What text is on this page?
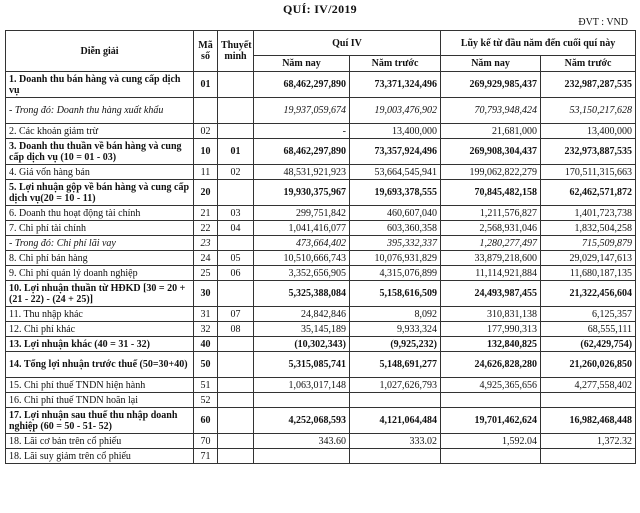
QUÍ: IV/2019
ĐVT : VND
Diễn giải	Mã số	Thuyết minh	Quí IV		Lũy kế từ đầu năm đến cuối quí này	
			Năm nay	Năm trước	Năm nay	Năm trước
1. Doanh thu bán hàng và cung cấp dịch vụ	01		68,462,297,890	73,371,324,496	269,929,985,437	232,987,287,535
- Trong đó: Doanh thu hàng xuất khẩu			19,937,059,674	19,003,476,902	70,793,948,424	53,150,217,628
2. Các khoản giảm trừ	02		-	13,400,000	21,681,000	13,400,000
3. Doanh thu thuần về bán hàng và cung cấp dịch vụ (10 = 01 - 03)	10	01	68,462,297,890	73,357,924,496	269,908,304,437	232,973,887,535
4. Giá vốn hàng bán	11	02	48,531,921,923	53,664,545,941	199,062,822,279	170,511,315,663
5. Lợi nhuận gộp về bán hàng và cung cấp dịch vụ(20 = 10 - 11)	20		19,930,375,967	19,693,378,555	70,845,482,158	62,462,571,872
6. Doanh thu hoạt động tài chính	21	03	299,751,842	460,607,040	1,211,576,827	1,401,723,738
7. Chi phí tài chính	22	04	1,041,416,077	603,360,358	2,568,931,046	1,832,504,258
- Trong đó: Chi phí lãi vay	23		473,664,402	395,332,337	1,280,277,497	715,509,879
8. Chi phí bán hàng	24	05	10,510,666,743	10,076,931,829	33,879,218,600	29,029,147,613
9. Chi phí quản lý doanh nghiệp	25	06	3,352,656,905	4,315,076,899	11,114,921,884	11,680,187,135
10. Lợi nhuận thuần từ HĐKD [30 = 20 + (21 - 22) - (24 + 25)]	30		5,325,388,084	5,158,616,509	24,493,987,455	21,322,456,604
11. Thu nhập khác	31	07	24,842,846	8,092	310,831,138	6,125,357
12. Chi phí khác	32	08	35,145,189	9,933,324	177,990,313	68,555,111
13. Lợi nhuận khác (40 = 31 - 32)	40		(10,302,343)	(9,925,232)	132,840,825	(62,429,754)
14. Tổng lợi nhuận trước thuế (50=30+40)	50		5,315,085,741	5,148,691,277	24,626,828,280	21,260,026,850
15. Chi phí thuế TNDN hiện hành	51		1,063,017,148	1,027,626,793	4,925,365,656	4,277,558,402
16. Chi phí thuế TNDN hoãn lại	52					
17. Lợi nhuận sau thuế thu nhập doanh nghiệp (60 = 50 - 51- 52)	60		4,252,068,593	4,121,064,484	19,701,462,624	16,982,468,448
18. Lãi cơ bản trên cổ phiếu	70		343.60	333.02	1,592.04	1,372.32
18. Lãi suy giảm trên cổ phiếu	71					
